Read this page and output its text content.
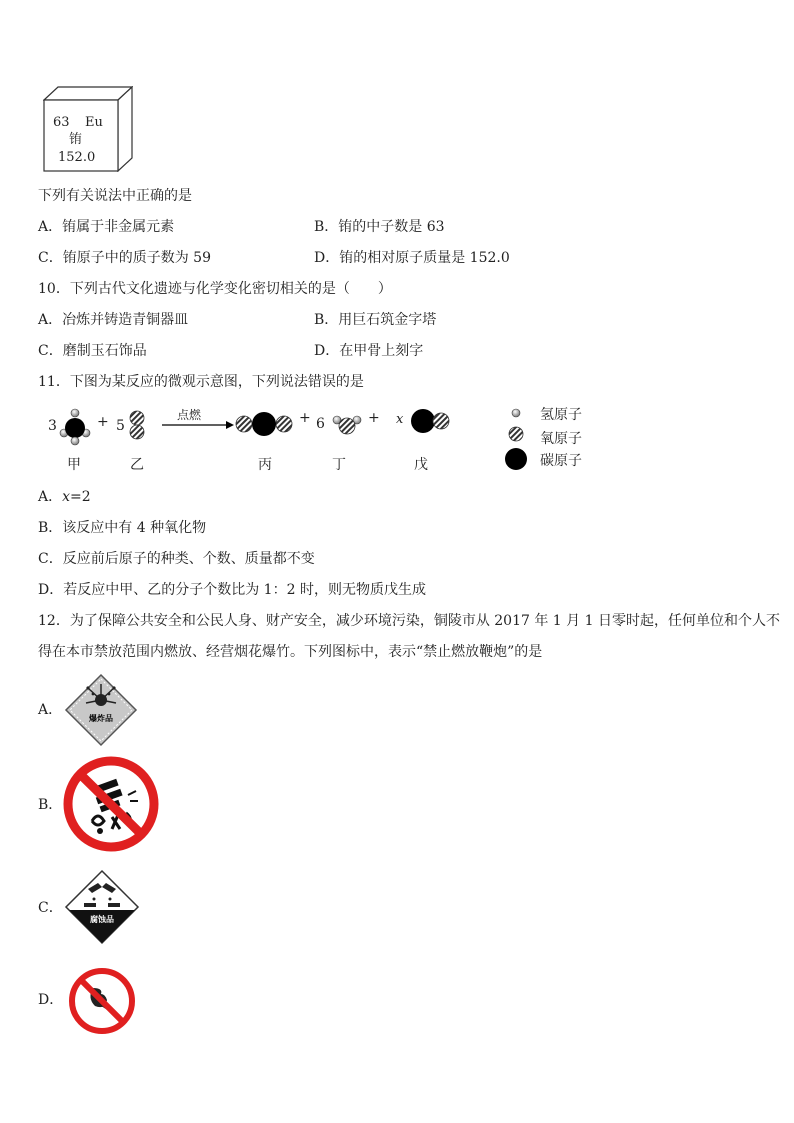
63 Eu
铕
152.0
下列有关说法中正确的是
A．铕属于非金属元素	B．铕的中子数是 63
C．铕原子中的质子数为 59	D．铕的相对原子质量是 152.0
10．下列古代文化遗迹与化学变化密切相关的是（　　）
A．冶炼并铸造青铜器皿	B．用巨石筑金字塔
C．磨制玉石饰品	D．在甲骨上刻字
11．下图为某反应的微观示意图，下列说法错误的是
3	+ 5
点燃	+ 6	+ x
甲	乙	丙	丁	戊
氢原子
氧原子
碳原子
A．x=2
B．该反应中有 4 种氧化物
C．反应前后原子的种类、个数、质量都不变
D．若反应中甲、乙的分子个数比为 1：2 时，则无物质戊生成
12．为了保障公共安全和公民人身、财产安全，减少环境污染，铜陵市从 2017 年 1 月 1 日零时起，任何单位和个人不
得在本市禁放范围内燃放、经营烟花爆竹。下列图标中，表示“禁止燃放鞭炮”的是
A．
爆炸品
B．
C．
腐蚀品
D．
